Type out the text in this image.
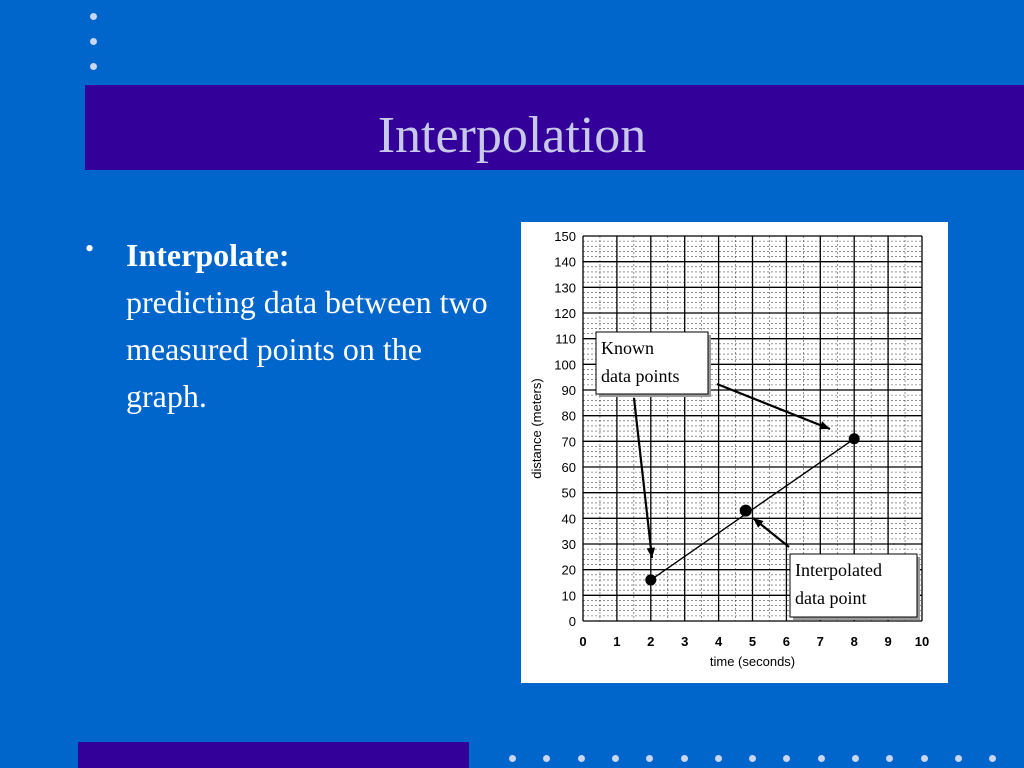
Interpolation
• Interpolate:
predicting data between two measured points on the graph.
0
10
20
30
40
50
60
70
80
90
100
110
120
130
140
150
0 1 2 3 4 5 6 7 8 9 10
time (seconds)
distance (meters)
Known
data points
Interpolated
data point
